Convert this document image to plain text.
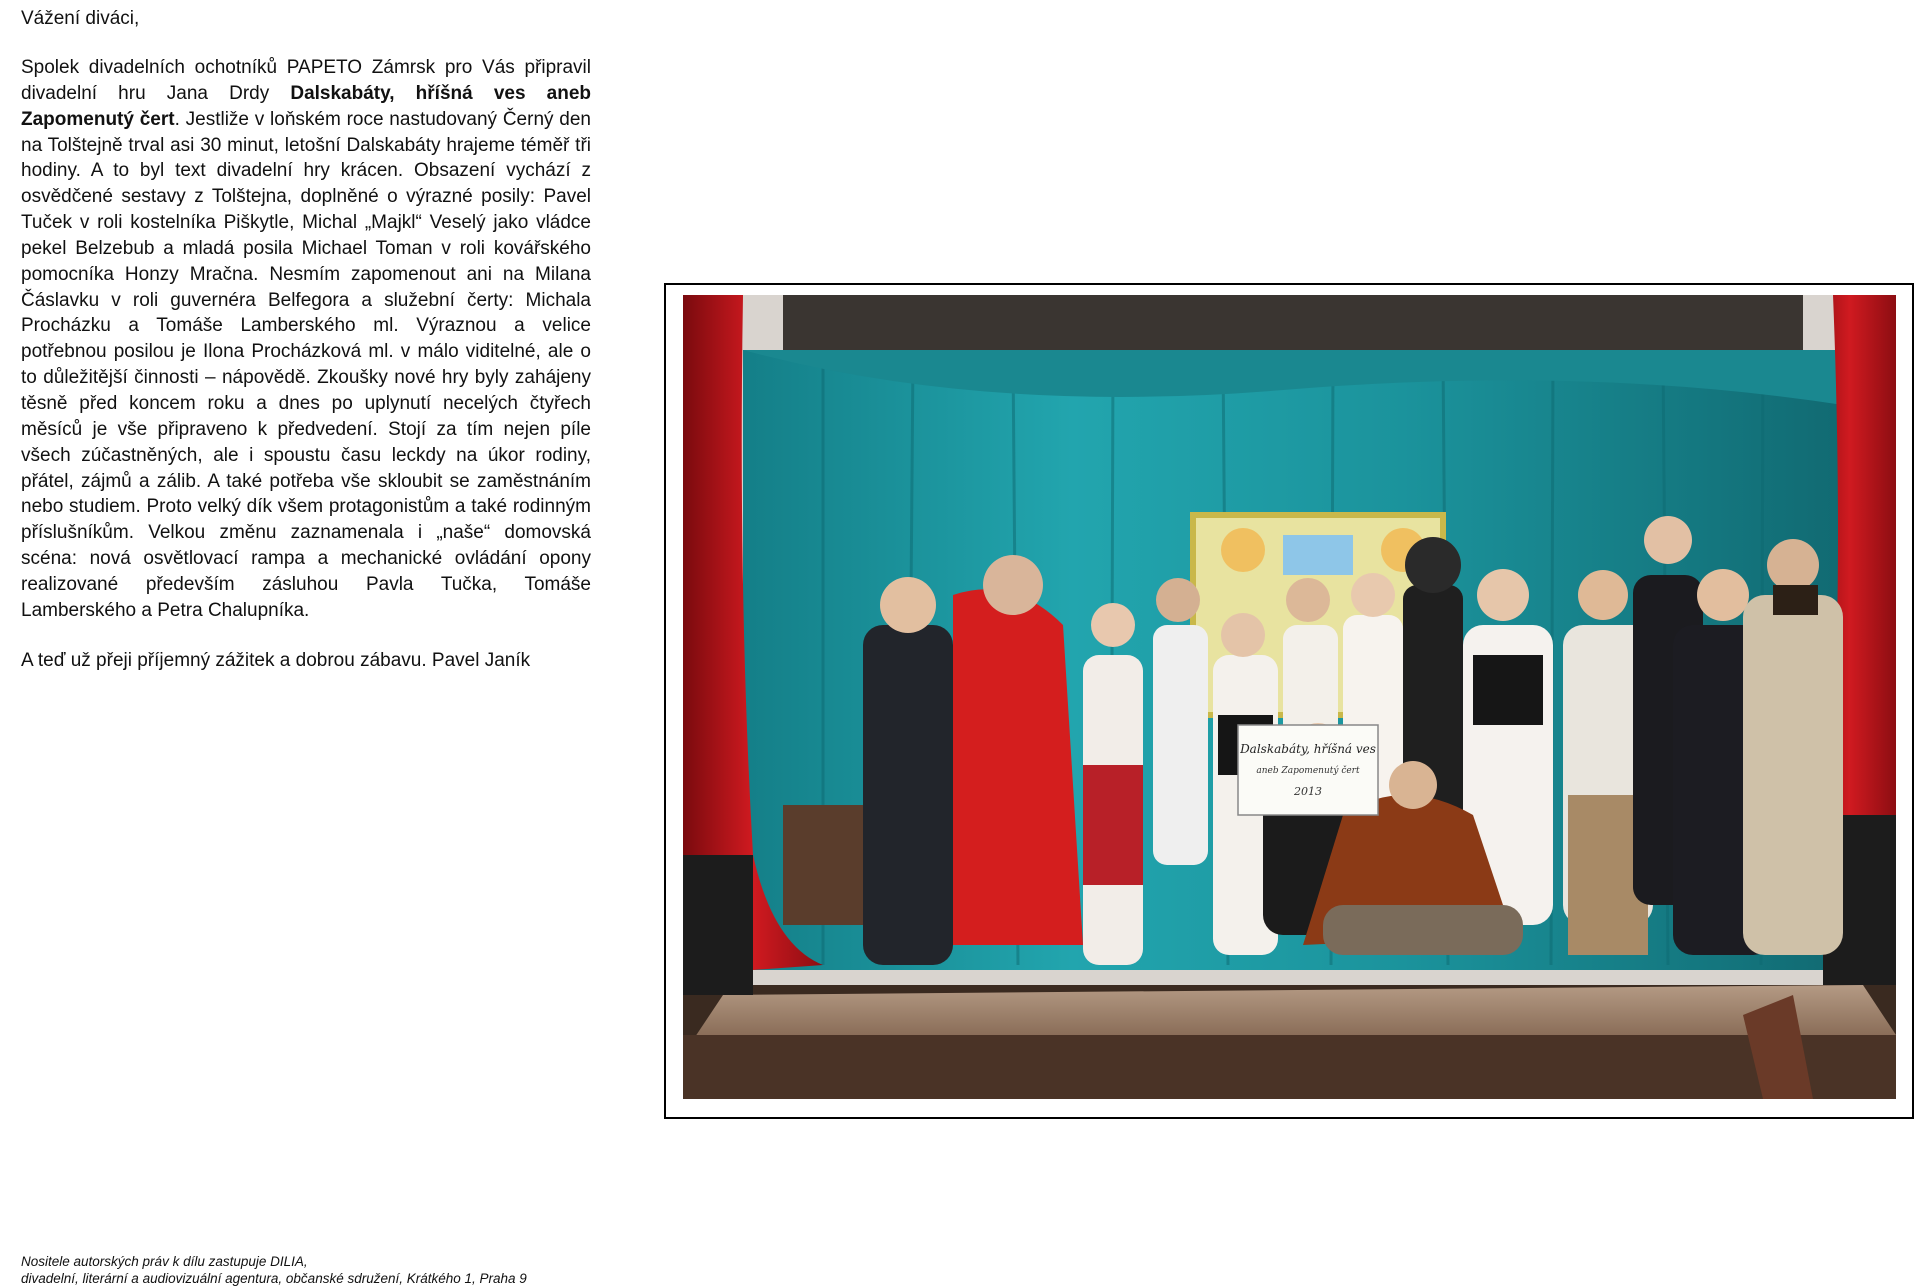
Vážení diváci,
Spolek divadelních ochotníků PAPETO Zámrsk pro Vás připravil divadelní hru Jana Drdy Dalskabáty, hříšná ves aneb Zapomenutý čert. Jestliže v loňském roce nastudovaný Černý den na Tolštejně trval asi 30 minut, letošní Dalskabáty hrajeme téměř tři hodiny. A to byl text divadelní hry krácen. Obsazení vychází z osvědčené sestavy z Tolštejna, doplněné o výrazné posily: Pavel Tuček v roli kostelníka Piškytle, Michal „Majkl“ Veselý jako vládce pekel Belzebub a mladá posila Michael Toman v roli kovářského pomocníka Honzy Mračna. Nesmím zapomenout ani na Milana Čáslavku v roli guvernéra Belfegora a služební čerty: Michala Procházku a Tomáše Lamberského ml. Výraznou a velice potřebnou posilou je Ilona Procházková ml. v málo viditelné, ale o to důležitější činnosti – nápovědě. Zkoušky nové hry byly zahájeny těsně před koncem roku a dnes po uplynutí necelých čtyřech měsíců je vše připraveno k předvedení. Stojí za tím nejen píle všech zúčastněných, ale i spoustu času leckdy na úkor rodiny, přátel, zájmů a zálib. A také potřeba vše skloubit se zaměstnáním nebo studiem. Proto velký dík všem protagonistům a také rodinným příslušníkům. Velkou změnu zaznamenala i „naše“ domovská scéna: nová osvětlovací rampa a mechanické ovládání opony realizované především zásluhou Pavla Tučka, Tomáše Lamberského a Petra Chalupníka.
A teď už přeji příjemný zážitek a dobrou zábavu. Pavel Janík
Dalskabáty, hříšná ves
aneb Zapomenutý čert
2013
Nositele autorských práv k dílu zastupuje DILIA,
divadelní, literární a audiovizuální agentura, občanské sdružení, Krátkého 1, Praha 9
